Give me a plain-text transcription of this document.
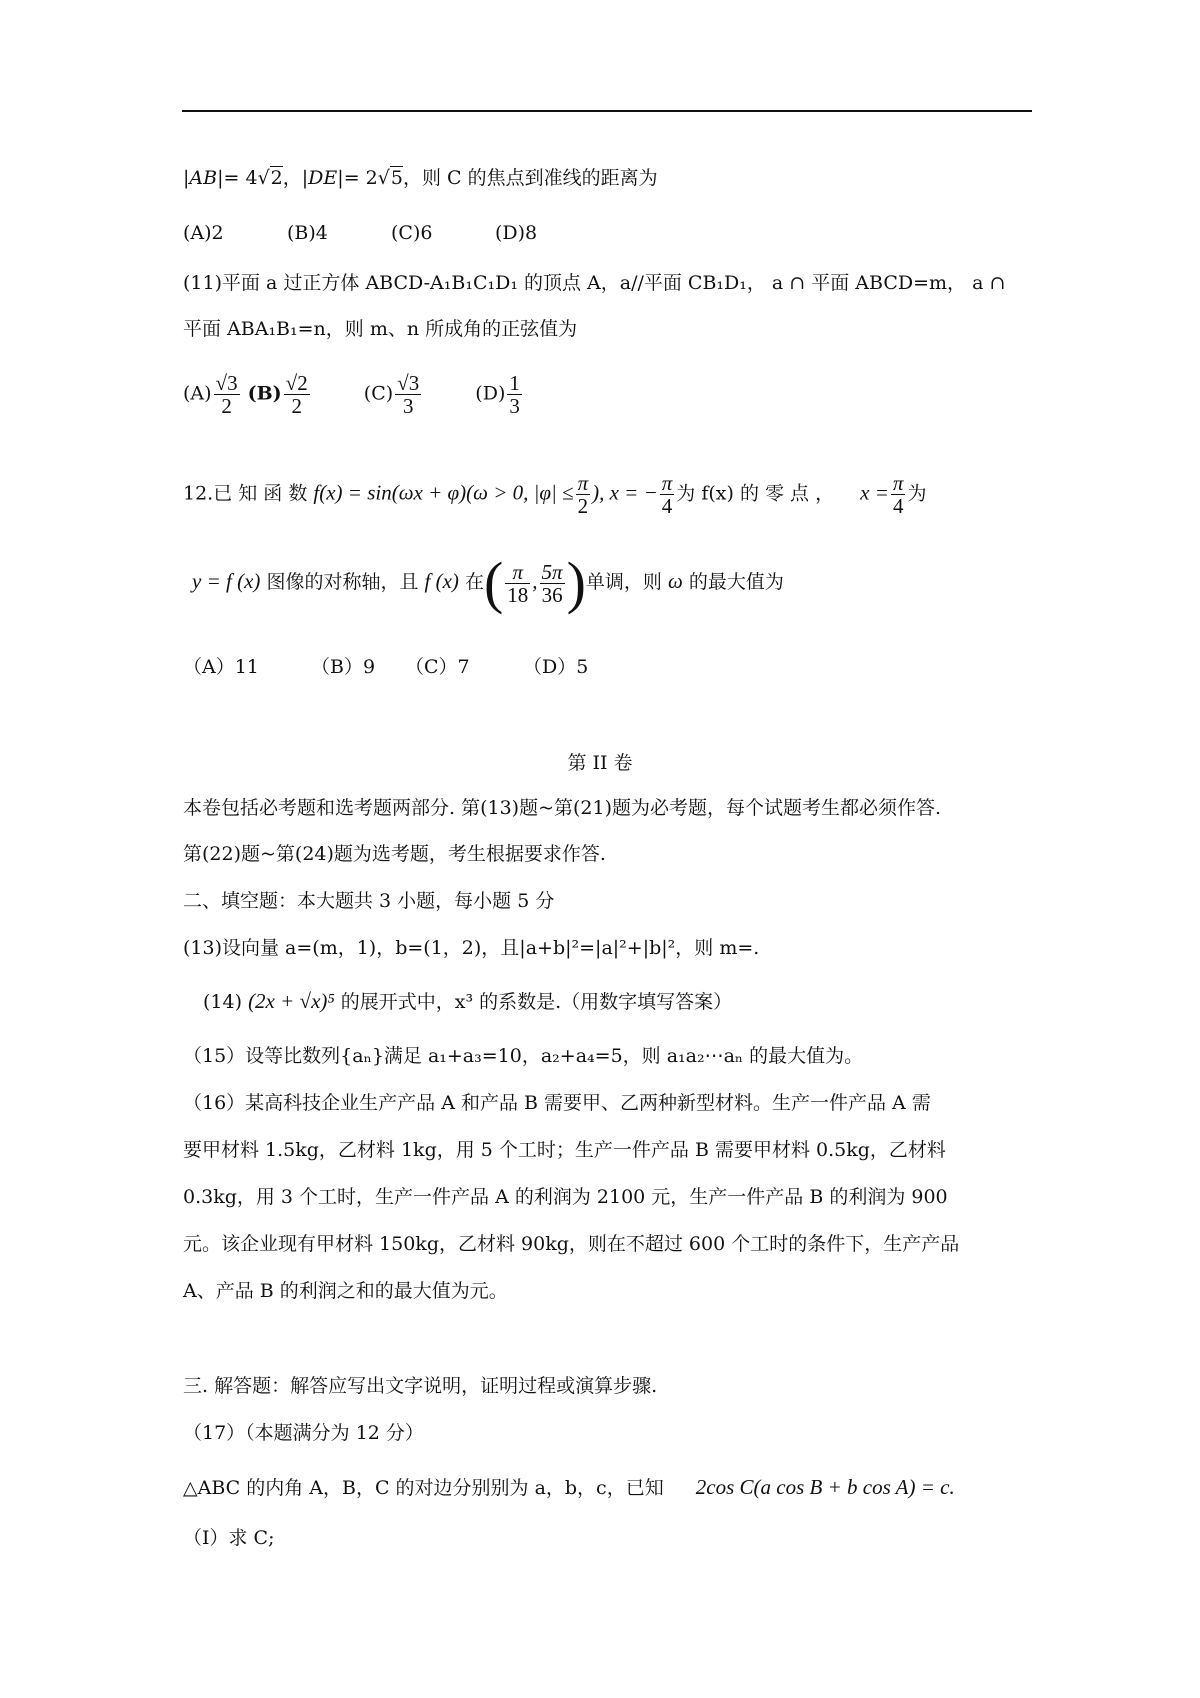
|AB|= 4√2，|DE|= 2√5，则 C 的焦点到准线的距离为
(A)2	(B)4	(C)6	(D)8
(11)平面 a 过正方体 ABCD-A₁B₁C₁D₁ 的顶点 A，a//平面 CB₁D₁， a ∩ 平面 ABCD=m， a ∩
平面 ABA₁B₁=n，则 m、n 所成角的正弦值为
$(A) \frac{√3}{2} (B) \frac{√2}{2}$	$(C) \frac{√3}{3}$	$(D) \frac{1}{3}$
12.已 知 函 数 f(x) = sin(ωx + φ)(ω > 0, $|\varphi| \le \frac{\pi}{2}$ ), x = − $\frac{\pi}{4}$ 为 f(x) 的 零 点 ， $x = \frac{\pi}{4}$ 为
y = f (x) 图像的对称轴，且 f (x) 在( $\frac{\pi}{18}$ , $\frac{5\pi}{36}$ )单调，则 ω 的最大值为
（A）11	（B）9 （C）7	（D）5
第 II 卷
本卷包括必考题和选考题两部分. 第(13)题~第(21)题为必考题，每个试题考生都必须作答.
第(22)题~第(24)题为选考题，考生根据要求作答.
二、填空题：本大题共 3 小题，每小题 5 分
(13)设向量 a=(m，1)，b=(1，2)，且|a+b|²=|a|²+|b|²，则 m=.
(14) (2x + √x)⁵ 的展开式中，x³ 的系数是.（用数字填写答案）
（15）设等比数列{aₙ}满足 a₁+a₃=10，a₂+a₄=5，则 a₁a₂⋯aₙ 的最大值为。
（16）某高科技企业生产产品 A 和产品 B 需要甲、乙两种新型材料。生产一件产品 A 需
要甲材料 1.5kg，乙材料 1kg，用 5 个工时；生产一件产品 B 需要甲材料 0.5kg，乙材料
0.3kg，用 3 个工时，生产一件产品 A 的利润为 2100 元，生产一件产品 B 的利润为 900
元。该企业现有甲材料 150kg，乙材料 90kg，则在不超过 600 个工时的条件下，生产产品
A、产品 B 的利润之和的最大值为元。
三. 解答题：解答应写出文字说明，证明过程或演算步骤.
（17）（本题满分为 12 分）
△ABC 的内角 A，B，C 的对边分别别为 a，b，c，已知 2cos C(a cos B + b cos A) = c.
（I）求 C;
